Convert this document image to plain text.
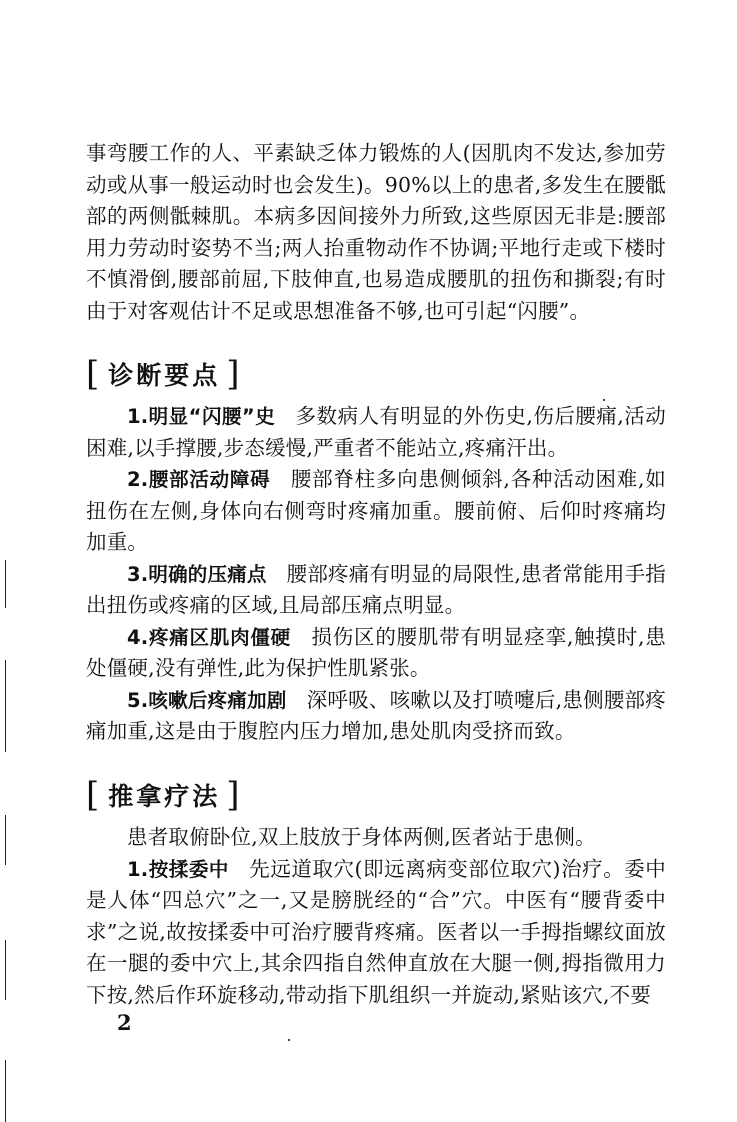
事弯腰工作的人、平素缺乏体力锻炼的人(因肌肉不发达,参加劳动或从事一般运动时也会发生)。90%以上的患者,多发生在腰骶部的两侧骶棘肌。本病多因间接外力所致,这些原因无非是:腰部用力劳动时姿势不当;两人抬重物动作不协调;平地行走或下楼时不慎滑倒,腰部前屈,下肢伸直,也易造成腰肌的扭伤和撕裂;有时由于对客观估计不足或思想准备不够,也可引起“闪腰”。

[ 诊断要点 ]

1.明显“闪腰”史 多数病人有明显的外伤史,伤后腰痛,活动困难,以手撑腰,步态缓慢,严重者不能站立,疼痛汗出。

2.腰部活动障碍 腰部脊柱多向患侧倾斜,各种活动困难,如扭伤在左侧,身体向右侧弯时疼痛加重。腰前俯、后仰时疼痛均加重。

3.明确的压痛点 腰部疼痛有明显的局限性,患者常能用手指出扭伤或疼痛的区域,且局部压痛点明显。

4.疼痛区肌肉僵硬 损伤区的腰肌带有明显痉挛,触摸时,患处僵硬,没有弹性,此为保护性肌紧张。

5.咳嗽后疼痛加剧 深呼吸、咳嗽以及打喷嚏后,患侧腰部疼痛加重,这是由于腹腔内压力增加,患处肌肉受挤而致。

[ 推拿疗法 ]

患者取俯卧位,双上肢放于身体两侧,医者站于患侧。

1.按揉委中 先远道取穴(即远离病变部位取穴)治疗。委中是人体“四总穴”之一,又是膀胱经的“合”穴。中医有“腰背委中求”之说,故按揉委中可治疗腰背疼痛。医者以一手拇指螺纹面放在一腿的委中穴上,其余四指自然伸直放在大腿一侧,拇指微用力下按,然后作环旋移动,带动指下肌组织一并旋动,紧贴该穴,不要

2
